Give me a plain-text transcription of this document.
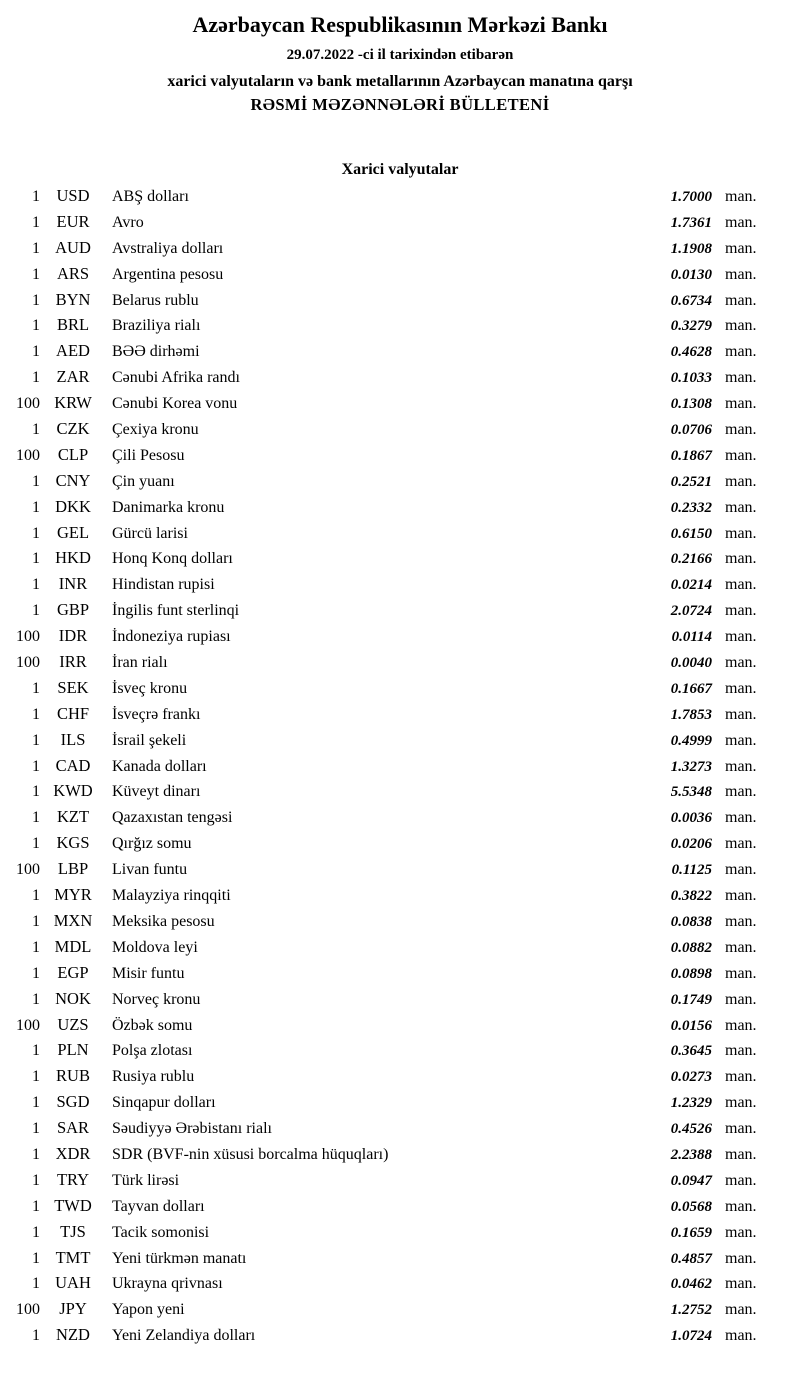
Azərbaycan Respublikasının Mərkəzi Bankı
29.07.2022 -ci il tarixindən etibarən
xarici valyutaların və bank metallarının Azərbaycan manatına qarşı
RƏSMİ MƏZƏNNƏLƏRİ BÜLLETENİ
Xarici valyutalar
1 USD	ABŞ dolları	1.7000 man.
1	EUR	Avro	1.7361 man.
1 AUD	Avstraliya dolları	1.1908 man.
1	ARS	Argentina pesosu	0.0130 man.
1 BYN	Belarus rublu	0.6734 man.
1	BRL	Braziliya rialı	0.3279 man.
1 AED	BƏƏ dirhəmi	0.4628 man.
1	ZAR	Cənubi Afrika randı	0.1033 man.
100 KRW	Cənubi Korea vonu	0.1308 man.
1	CZK	Çexiya kronu	0.0706 man.
100	CLP	Çili Pesosu	0.1867 man.
1 CNY	Çin yuanı	0.2521 man.
1 DKK	Danimarka kronu	0.2332 man.
1	GEL	Gürcü larisi	0.6150 man.
1 HKD	Honq Konq dolları	0.2166 man.
1	INR	Hindistan rupisi	0.0214 man.
1	GBP	İngilis funt sterlinqi	2.0724 man.
100	IDR	İndoneziya rupiası	0.0114 man.
100	IRR	İran rialı	0.0040 man.
1	SEK	İsveç kronu	0.1667 man.
1	CHF	İsveçrə frankı	1.7853 man.
1	ILS	İsrail şekeli	0.4999 man.
1 CAD	Kanada dolları	1.3273 man.
1 KWD	Küveyt dinarı	5.5348 man.
1	KZT	Qazaxıstan tengəsi	0.0036 man.
1 KGS	Qırğız somu	0.0206 man.
100	LBP	Livan funtu	0.1125 man.
1 MYR	Malayziya rinqqiti	0.3822 man.
1 MXN	Meksika pesosu	0.0838 man.
1 MDL	Moldova leyi	0.0882 man.
1	EGP	Misir funtu	0.0898 man.
1 NOK	Norveç kronu	0.1749 man.
100	UZS	Özbək somu	0.0156 man.
1	PLN	Polşa zlotası	0.3645 man.
1 RUB	Rusiya rublu	0.0273 man.
1 SGD	Sinqapur dolları	1.2329 man.
1	SAR	Səudiyyə Ərəbistanı rialı	0.4526 man.
1 XDR	SDR (BVF-nin xüsusi borcalma hüquqları)	2.2388 man.
1	TRY	Türk lirəsi	0.0947 man.
1 TWD	Tayvan dolları	0.0568 man.
1	TJS	Tacik somonisi	0.1659 man.
1 TMT	Yeni türkmən manatı	0.4857 man.
1 UAH	Ukrayna qrivnası	0.0462 man.
100	JPY	Yapon yeni	1.2752 man.
1 NZD	Yeni Zelandiya dolları	1.0724 man.
